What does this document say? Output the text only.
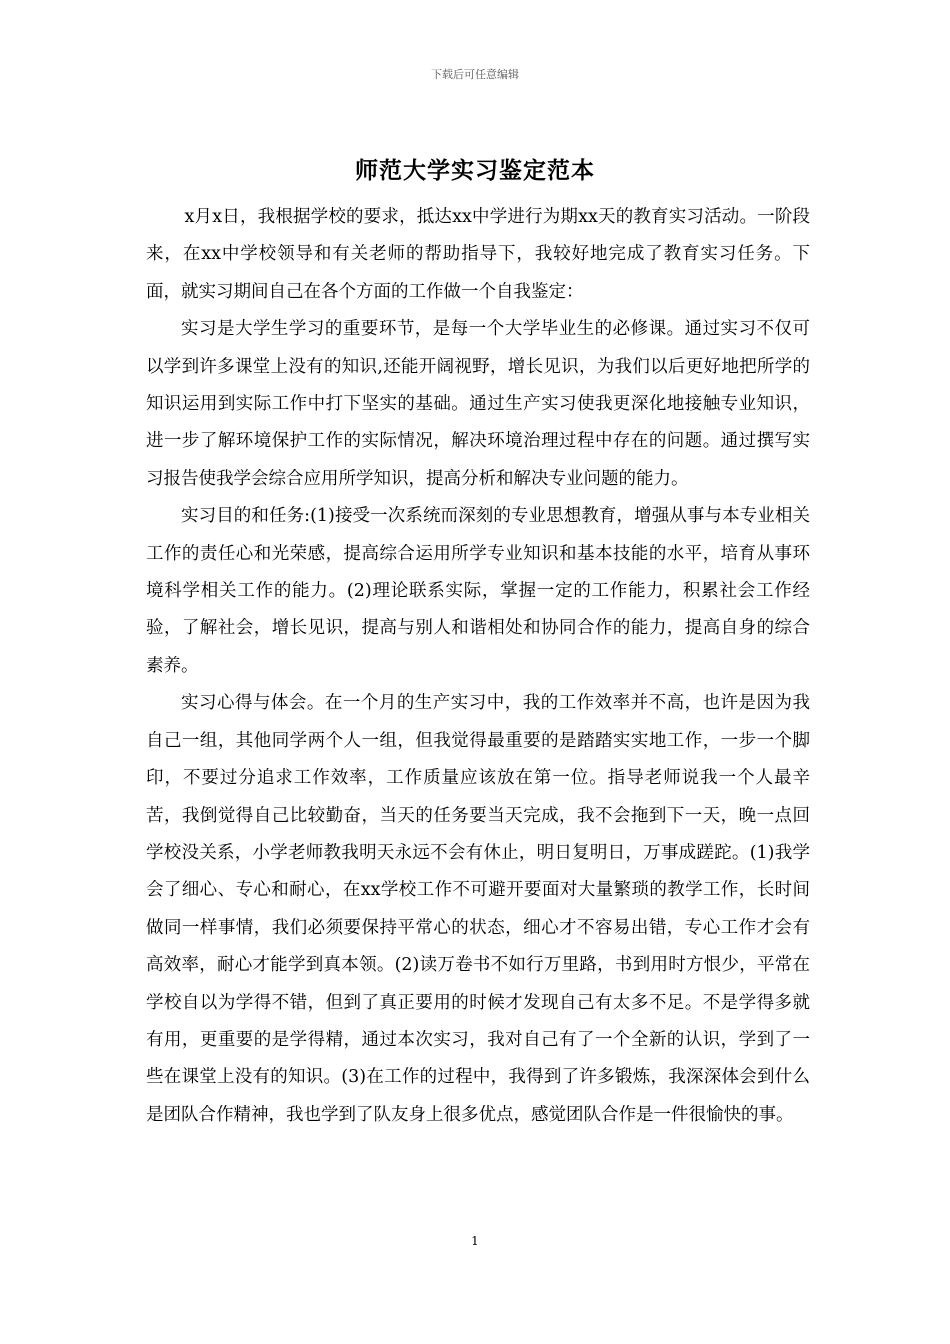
下载后可任意编辑
师范大学实习鉴定范本

x月x日，我根据学校的要求，抵达xx中学进行为期xx天的教育实习活动。一阶段来，在xx中学校领导和有关老师的帮助指导下，我较好地完成了教育实习任务。下面，就实习期间自己在各个方面的工作做一个自我鉴定：

实习是大学生学习的重要环节，是每一个大学毕业生的必修课。通过实习不仅可以学到许多课堂上没有的知识,还能开阔视野，增长见识，为我们以后更好地把所学的知识运用到实际工作中打下坚实的基础。通过生产实习使我更深化地接触专业知识，进一步了解环境保护工作的实际情况，解决环境治理过程中存在的问题。通过撰写实习报告使我学会综合应用所学知识，提高分析和解决专业问题的能力。

实习目的和任务:(1)接受一次系统而深刻的专业思想教育，增强从事与本专业相关工作的责任心和光荣感，提高综合运用所学专业知识和基本技能的水平，培育从事环境科学相关工作的能力。(2)理论联系实际，掌握一定的工作能力，积累社会工作经验，了解社会，增长见识，提高与别人和谐相处和协同合作的能力，提高自身的综合素养。

实习心得与体会。在一个月的生产实习中，我的工作效率并不高，也许是因为我自己一组，其他同学两个人一组，但我觉得最重要的是踏踏实实地工作，一步一个脚印，不要过分追求工作效率，工作质量应该放在第一位。指导老师说我一个人最辛苦，我倒觉得自己比较勤奋，当天的任务要当天完成，我不会拖到下一天，晚一点回学校没关系，小学老师教我明天永远不会有休止，明日复明日，万事成蹉跎。(1)我学会了细心、专心和耐心，在xx学校工作不可避开要面对大量繁琐的教学工作，长时间做同一样事情，我们必须要保持平常心的状态，细心才不容易出错，专心工作才会有高效率，耐心才能学到真本领。(2)读万卷书不如行万里路，书到用时方恨少，平常在学校自以为学得不错，但到了真正要用的时候才发现自己有太多不足。不是学得多就有用，更重要的是学得精，通过本次实习，我对自己有了一个全新的认识，学到了一些在课堂上没有的知识。(3)在工作的过程中，我得到了许多锻炼，我深深体会到什么是团队合作精神，我也学到了队友身上很多优点，感觉团队合作是一件很愉快的事。

1
